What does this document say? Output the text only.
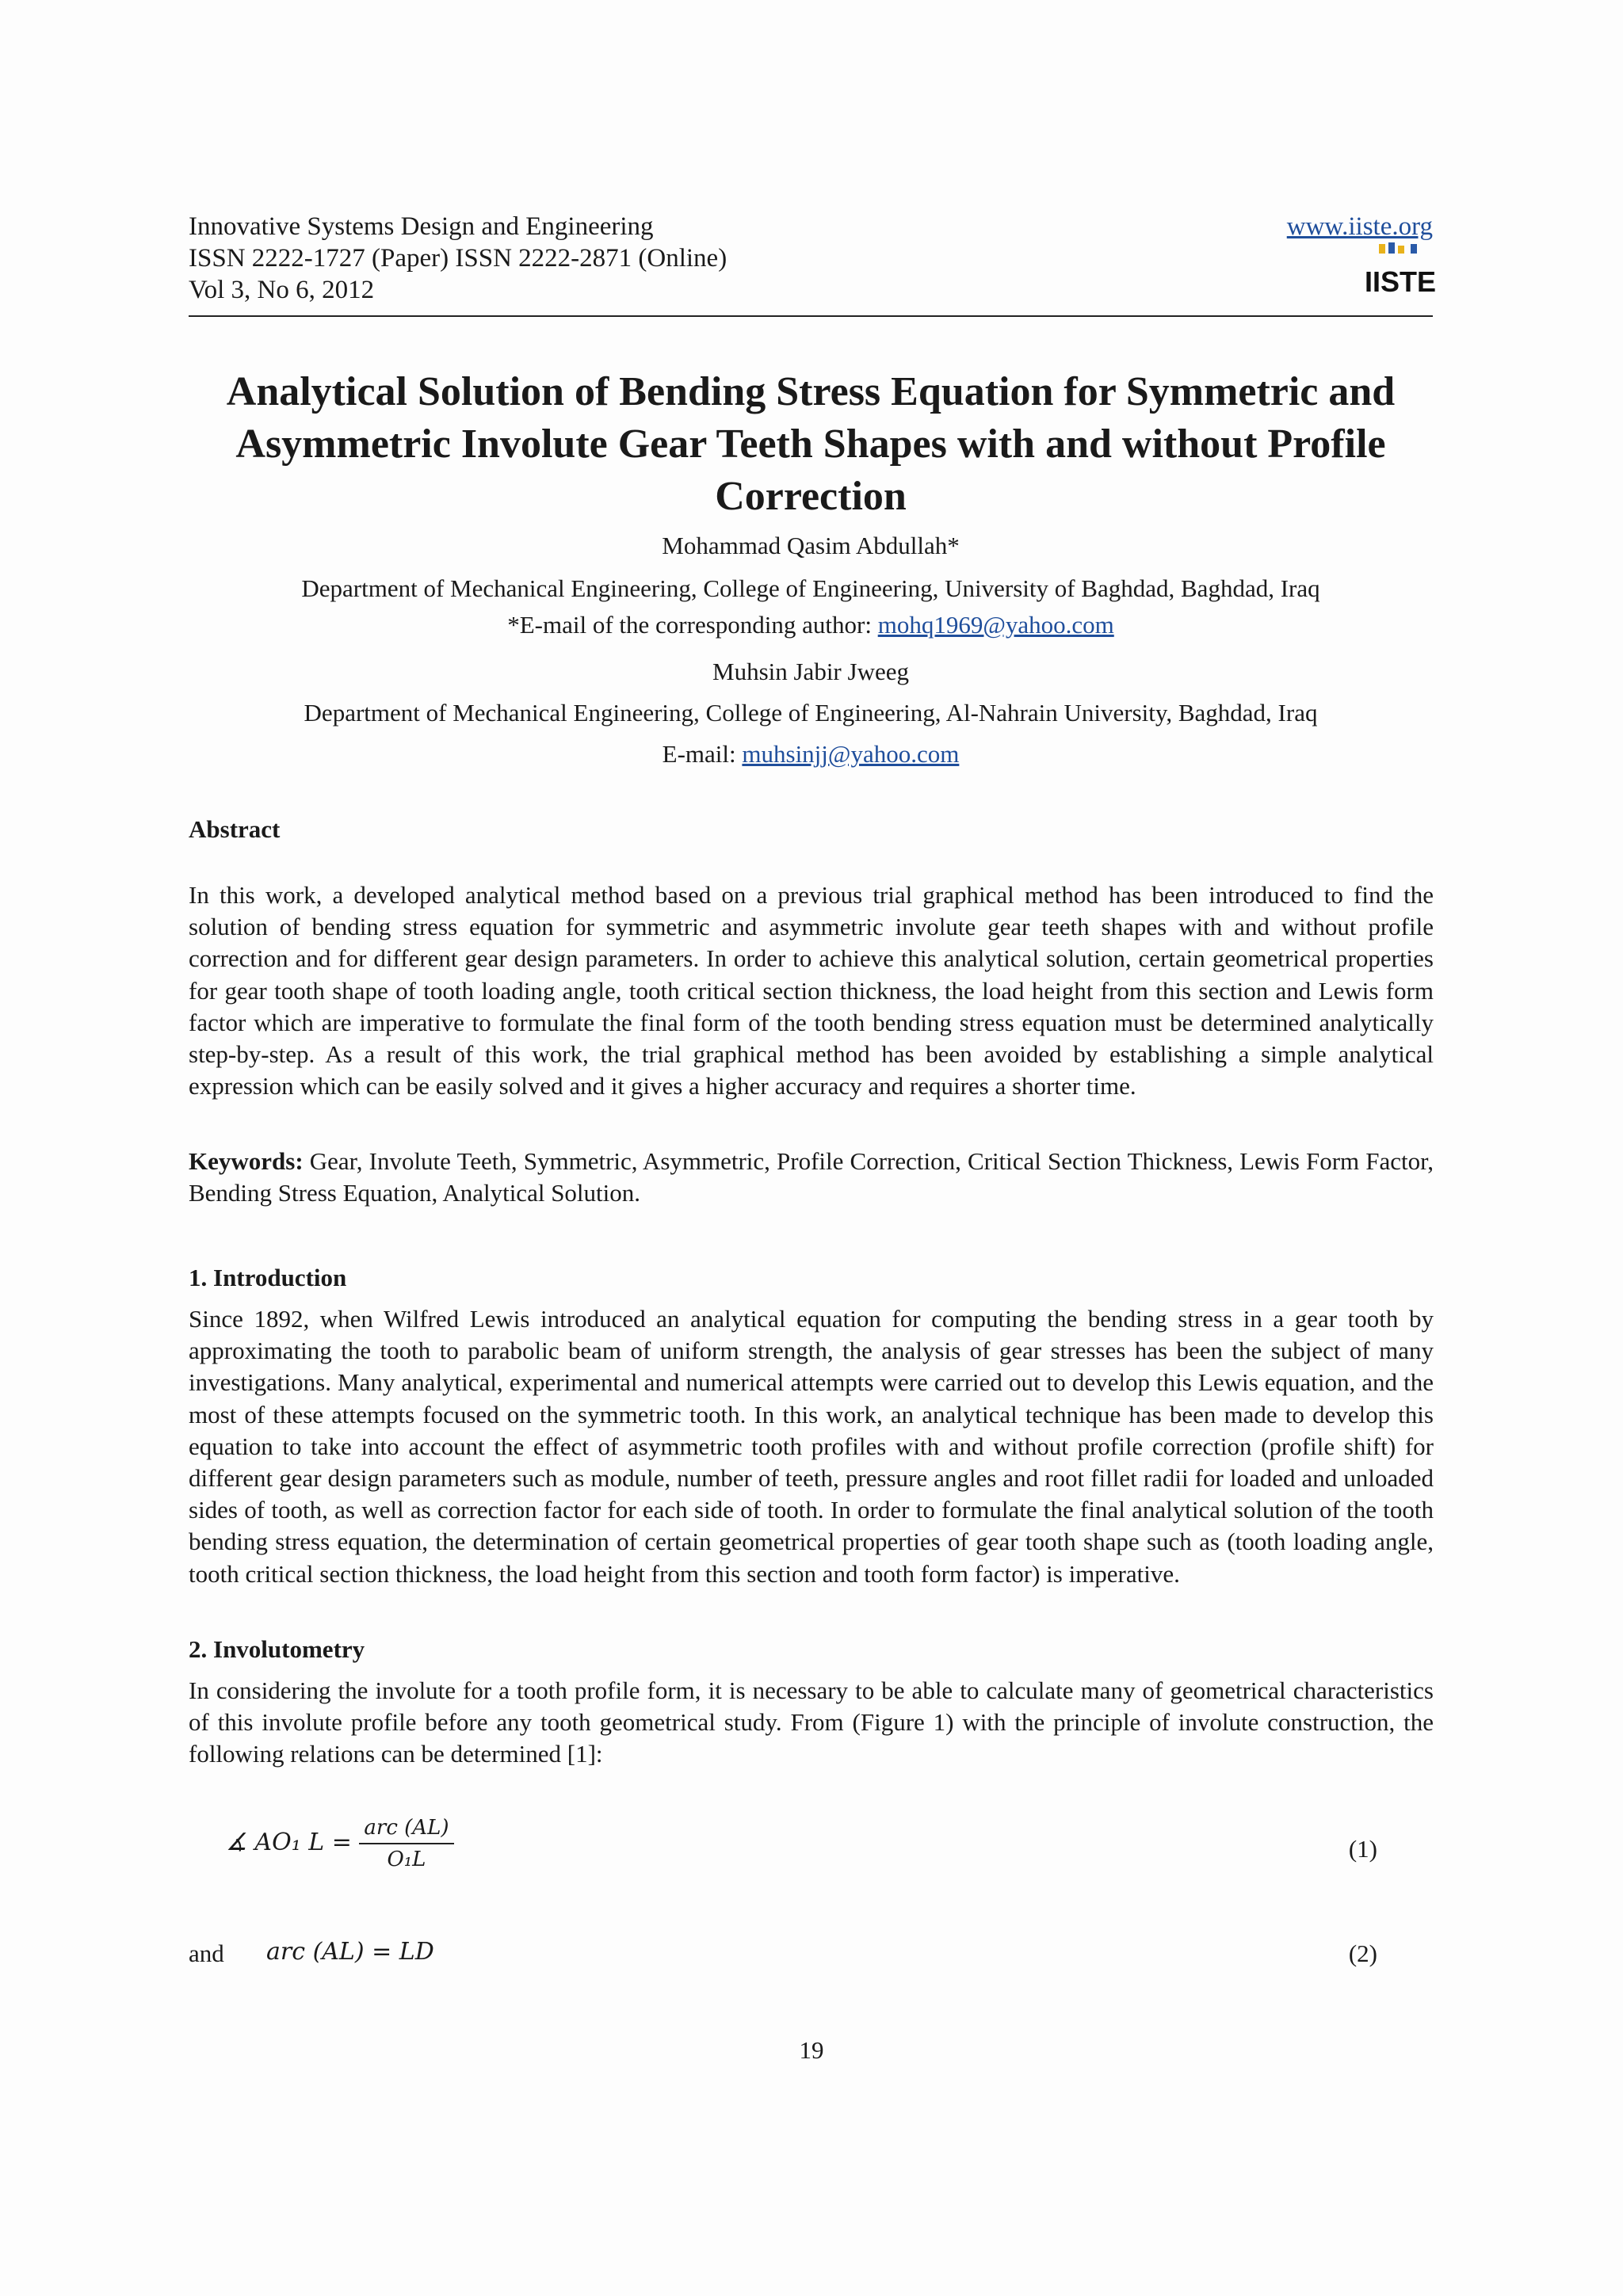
Innovative Systems Design and Engineering
ISSN 2222-1727 (Paper) ISSN 2222-2871 (Online)
Vol 3, No 6, 2012
www.iiste.org
IISTE
Analytical Solution of Bending Stress Equation for Symmetric and
Asymmetric Involute Gear Teeth Shapes with and without Profile
Correction
Mohammad Qasim Abdullah*
Department of Mechanical Engineering, College of Engineering, University of Baghdad, Baghdad, Iraq
*E-mail of the corresponding author: mohq1969@yahoo.com
Muhsin Jabir Jweeg
Department of Mechanical Engineering, College of Engineering, Al-Nahrain University, Baghdad, Iraq
E-mail: muhsinjj@yahoo.com
Abstract
In this work, a developed analytical method based on a previous trial graphical method has been introduced to find the solution of bending stress equation for symmetric and asymmetric involute gear teeth shapes with and without profile correction and for different gear design parameters. In order to achieve this analytical solution, certain geometrical properties for gear tooth shape of tooth loading angle, tooth critical section thickness, the load height from this section and Lewis form factor which are imperative to formulate the final form of the tooth bending stress equation must be determined analytically step-by-step. As a result of this work, the trial graphical method has been avoided by establishing a simple analytical expression which can be easily solved and it gives a higher accuracy and requires a shorter time.
Keywords: Gear, Involute Teeth, Symmetric, Asymmetric, Profile Correction, Critical Section Thickness, Lewis Form Factor, Bending Stress Equation, Analytical Solution.
1. Introduction
Since 1892, when Wilfred Lewis introduced an analytical equation for computing the bending stress in a gear tooth by approximating the tooth to parabolic beam of uniform strength, the analysis of gear stresses has been the subject of many investigations. Many analytical, experimental and numerical attempts were carried out to develop this Lewis equation, and the most of these attempts focused on the symmetric tooth. In this work, an analytical technique has been made to develop this equation to take into account the effect of asymmetric tooth profiles with and without profile correction (profile shift) for different gear design parameters such as module, number of teeth, pressure angles and root fillet radii for loaded and unloaded sides of tooth, as well as correction factor for each side of tooth. In order to formulate the final analytical solution of the tooth bending stress equation, the determination of certain geometrical properties of gear tooth shape such as (tooth loading angle, tooth critical section thickness, the load height from this section and tooth form factor) is imperative.
2. Involutometry
In considering the involute for a tooth profile form, it is necessary to be able to calculate many of geometrical characteristics of this involute profile before any tooth geometrical study. From (Figure 1) with the principle of involute construction, the following relations can be determined [1]:
∡ AO₁ $L = \frac{\text{arc (AL)}}{\text{O₁L}}$	(1)
and arc (AL) = LD	(2)
19
